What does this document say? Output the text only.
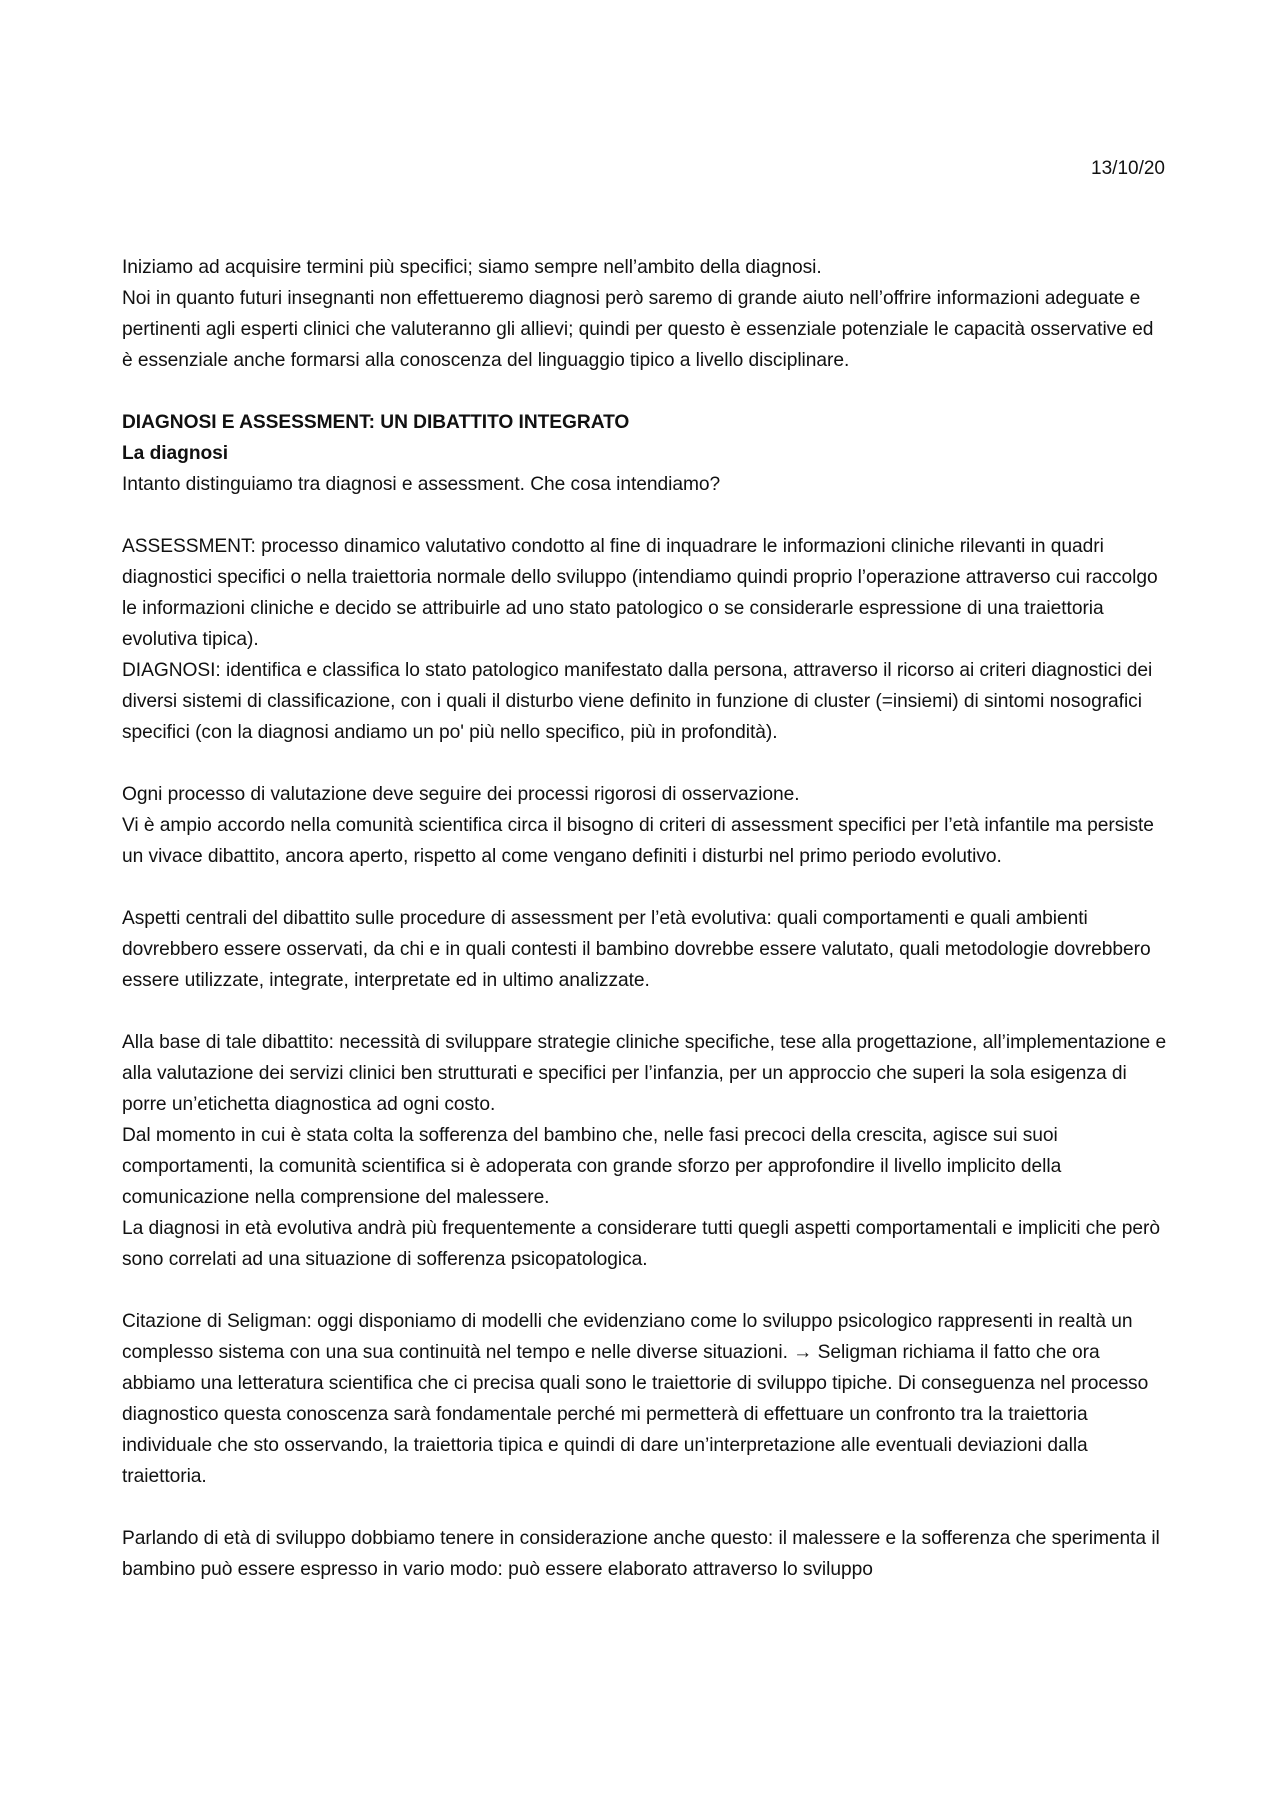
13/10/20

Iniziamo ad acquisire termini più specifici; siamo sempre nell’ambito della diagnosi.
Noi in quanto futuri insegnanti non effettueremo diagnosi però saremo di grande aiuto nell’offrire informazioni adeguate e pertinenti agli esperti clinici che valuteranno gli allievi; quindi per questo è essenziale potenziale le capacità osservative ed è essenziale anche formarsi alla conoscenza del linguaggio tipico a livello disciplinare.

DIAGNOSI E ASSESSMENT: UN DIBATTITO INTEGRATO

La diagnosi

Intanto distinguiamo tra diagnosi e assessment. Che cosa intendiamo?

ASSESSMENT: processo dinamico valutativo condotto al fine di inquadrare le informazioni cliniche rilevanti in quadri diagnostici specifici o nella traiettoria normale dello sviluppo (intendiamo quindi proprio l’operazione attraverso cui raccolgo le informazioni cliniche e decido se attribuirle ad uno stato patologico o se considerarle espressione di una traiettoria evolutiva tipica).
DIAGNOSI: identifica e classifica lo stato patologico manifestato dalla persona, attraverso il ricorso ai criteri diagnostici dei diversi sistemi di classificazione, con i quali il disturbo viene definito in funzione di cluster (=insiemi) di sintomi nosografici specifici (con la diagnosi andiamo un po' più nello specifico, più in profondità).

Ogni processo di valutazione deve seguire dei processi rigorosi di osservazione.
Vi è ampio accordo nella comunità scientifica circa il bisogno di criteri di assessment specifici per l’età infantile ma persiste un vivace dibattito, ancora aperto, rispetto al come vengano definiti i disturbi nel primo periodo evolutivo.

Aspetti centrali del dibattito sulle procedure di assessment per l’età evolutiva: quali comportamenti e quali ambienti dovrebbero essere osservati, da chi e in quali contesti il bambino dovrebbe essere valutato, quali metodologie dovrebbero essere utilizzate, integrate, interpretate ed in ultimo analizzate.

Alla base di tale dibattito: necessità di sviluppare strategie cliniche specifiche, tese alla progettazione, all’implementazione e alla valutazione dei servizi clinici ben strutturati e specifici per l’infanzia, per un approccio che superi la sola esigenza di porre un’etichetta diagnostica ad ogni costo.
Dal momento in cui è stata colta la sofferenza del bambino che, nelle fasi precoci della crescita, agisce sui suoi comportamenti, la comunità scientifica si è adoperata con grande sforzo per approfondire il livello implicito della comunicazione nella comprensione del malessere.
La diagnosi in età evolutiva andrà più frequentemente a considerare tutti quegli aspetti comportamentali e impliciti che però sono correlati ad una situazione di sofferenza psicopatologica.

Citazione di Seligman: oggi disponiamo di modelli che evidenziano come lo sviluppo psicologico rappresenti in realtà un complesso sistema con una sua continuità nel tempo e nelle diverse situazioni. → Seligman richiama il fatto che ora abbiamo una letteratura scientifica che ci precisa quali sono le traiettorie di sviluppo tipiche. Di conseguenza nel processo diagnostico questa conoscenza sarà fondamentale perché mi permetterà di effettuare un confronto tra la traiettoria individuale che sto osservando, la traiettoria tipica e quindi di dare un’interpretazione alle eventuali deviazioni dalla traiettoria.

Parlando di età di sviluppo dobbiamo tenere in considerazione anche questo: il malessere e la sofferenza che sperimenta il bambino può essere espresso in vario modo: può essere elaborato attraverso lo sviluppo
